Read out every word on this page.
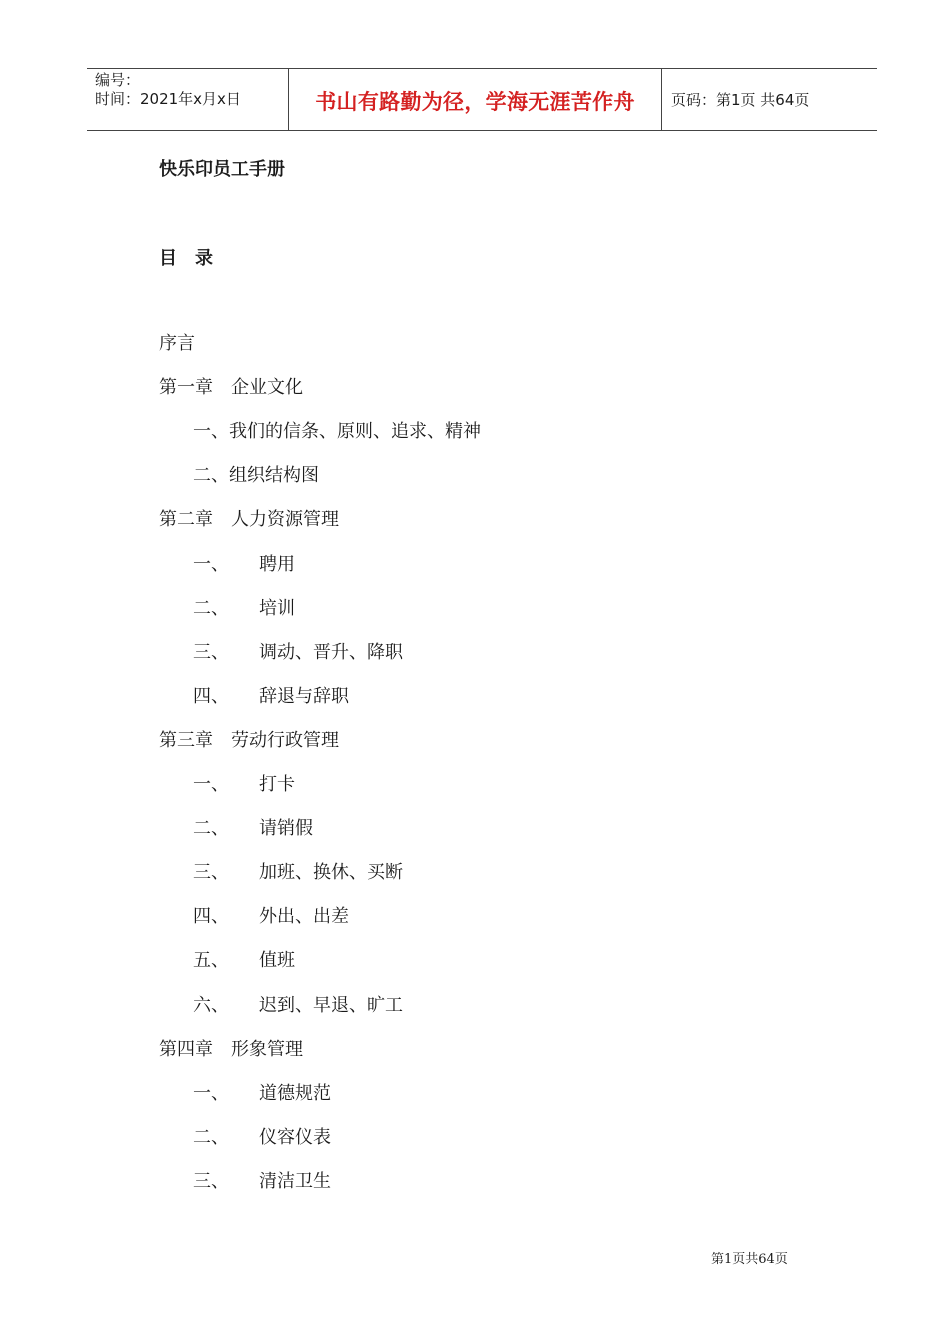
编号：
时间：2021年x月x日	书山有路勤为径，学海无涯苦作舟 页码：第1页 共64页
快乐印员工手册
目　录
序言
第一章　企业文化
一、我们的信条、原则、追求、精神
二、组织结构图
第二章　人力资源管理
一、 聘用
二、 培训
三、 调动、晋升、降职
四、 辞退与辞职
第三章　劳动行政管理
一、 打卡
二、 请销假
三、 加班、换休、买断
四、 外出、出差
五、 值班
六、 迟到、早退、旷工
第四章　形象管理
一、 道德规范
二、 仪容仪表
三、 清洁卫生
第1页共64页
